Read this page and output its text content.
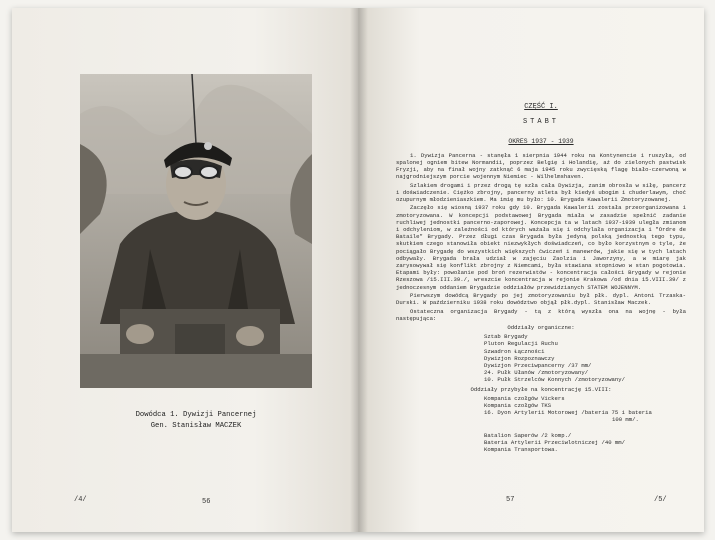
Dowódca 1. Dywizji Pancernej
Gen. Stanisław MACZEK
/4/	56
CZĘŚĆ I.
STABT
OKRES 1937 - 1939

1. Dywizja Pancerna - stanęła 1 sierpnia 1944 roku na Kontynencie i ruszyła, od spalonej ogniem bitew Normandii, poprzez Belgię i Holandię, aż do zielonych pastwisk Fryzji, aby na finał wojny zatknąć 6 maja 1945 roku zwycięską flagę biało-czerwoną w najgrodniejszym porcie wojennym Niemiec - Wilhelmshaven.

Szlakiem drogami i przez drogą tę szła cała Dywizja, zanim obrosła w siłę, pancerz i doświadczenie. Ciężko zbrojny, pancerny atleta był kiedyś ubogim i chuderlawym, choć ozupurnym młodzieniaszkiem. Ma imię mu było: 10. Brygada Kawalerii Zmotoryzowanej.

Zaczęło się wiosną 1937 roku gdy 10. Brygada Kawalerii została przeorganizowana i zmotoryzowana. W koncepcji podstawowej Brygada miała w zasadzie spełnić zadanie ruchliwej jednostki pancerno-zaporowej. Koncepcja ta w latach 1937-1939 uległa zmianom i odchyleniom, w zależności od których ważała się i odchylała organizacja i "Ordre de Bataile" Brygady. Przez długi czas Brygada była jedyną polską jednostką tego typu, skutkiem czego stanowiła obiekt niezwykłych doświadczeń, co było korzystnym o tyle, że pociągało Brygadę do wszystkich większych ćwiczeń i manewrów, jakie się w tych latach odbywały. Brygada brała udział w zajęciu Zaolzia i Jaworzyny, a w miarę jak zarysowywał się konflikt zbrojny z Niemcami, była stawiana stopniowo w stan pogotowia. Etapami były: powołanie pod broń rezerwistów - koncentracja całości Brygady w rejonie Rzeszowa /15.III.39./, wreszcie koncentracja w rejonie Krakowa /od dnia 15.VIII.39/ z jednoczesnym oddaniem Brygadzie oddziałów przewidzianych STATEM WOJENNYM.

Pierwszym dowódcą Brygady po jej zmotoryzowaniu był płk. dypl. Antoni Trzaska-Durski. W październiku 1938 roku dowództwo objął płk.dypl. Stanisław Maczek.

Ostateczna organizacja Brygady - tą z którą wyszła ona na wojnę - była następująca:

Oddziały organiczne:
Sztab Brygady
Pluton Regulacji Ruchu
Szwadron Łączności
Dywizjon Rozpoznawczy
Dywizjon Przeciwpancerny /37 mm/
24. Pułk Ułanów /zmotoryzowany/
10. Pułk Strzelców Konnych /zmotoryzowany/
Oddziały przybyłe na koncentrację 15.VIII:
Kompania czołgów Vickers
Kompania czołgów TKS
16. Dyon Artylerii Motorowej /bateria 75 i bateria
100 mm/.
Batalion Saperów /2 komp./
Bateria Artylerii Przeciwlotniczej /40 mm/
Kompania Transportowa.
57	/5/
